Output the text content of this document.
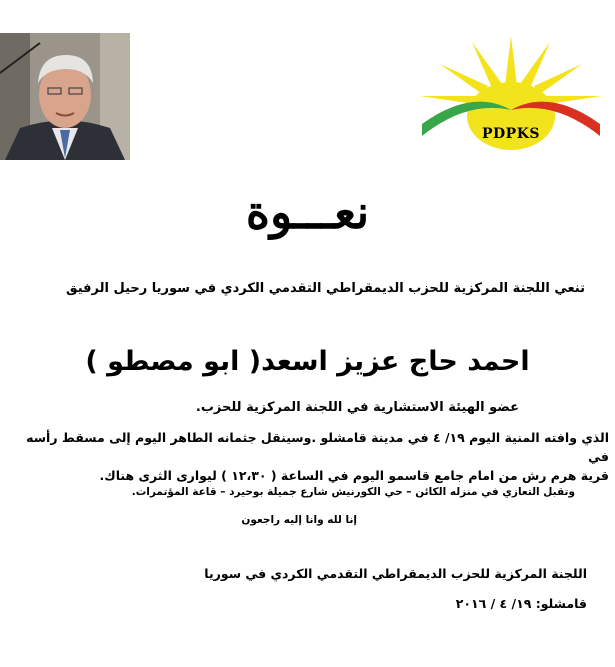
PDPKS
نعـــوة
تنعي اللجنة المركزية للحزب الديمقراطي التقدمي الكردي في سوريا رحيل الرفيق
احمد حاج عزيز اسعد( ابو مصطو )
عضو الهيئة الاستشارية في اللجنة المركزية للحزب.
الذي وافته المنية اليوم ١٩/ ٤ في مدينة قامشلو .وسينقل جثمانه الطاهر اليوم إلى مسقط رأسه في
قرية هرم رش من امام جامع قاسمو اليوم في الساعة ( ١٢،٣٠ ) ليوارى الثرى هناك.
وتقبل التعازي في منزله الكائن – حي الكورنيش شارع جميلة بوحيرد – قاعة المؤتمرات.
إنا لله وانا إليه راجعون
اللجنة المركزية للحزب الديمقراطي التقدمي الكردي في سوريا
قامشلو: ١٩/ ٤ / ٢٠١٦
